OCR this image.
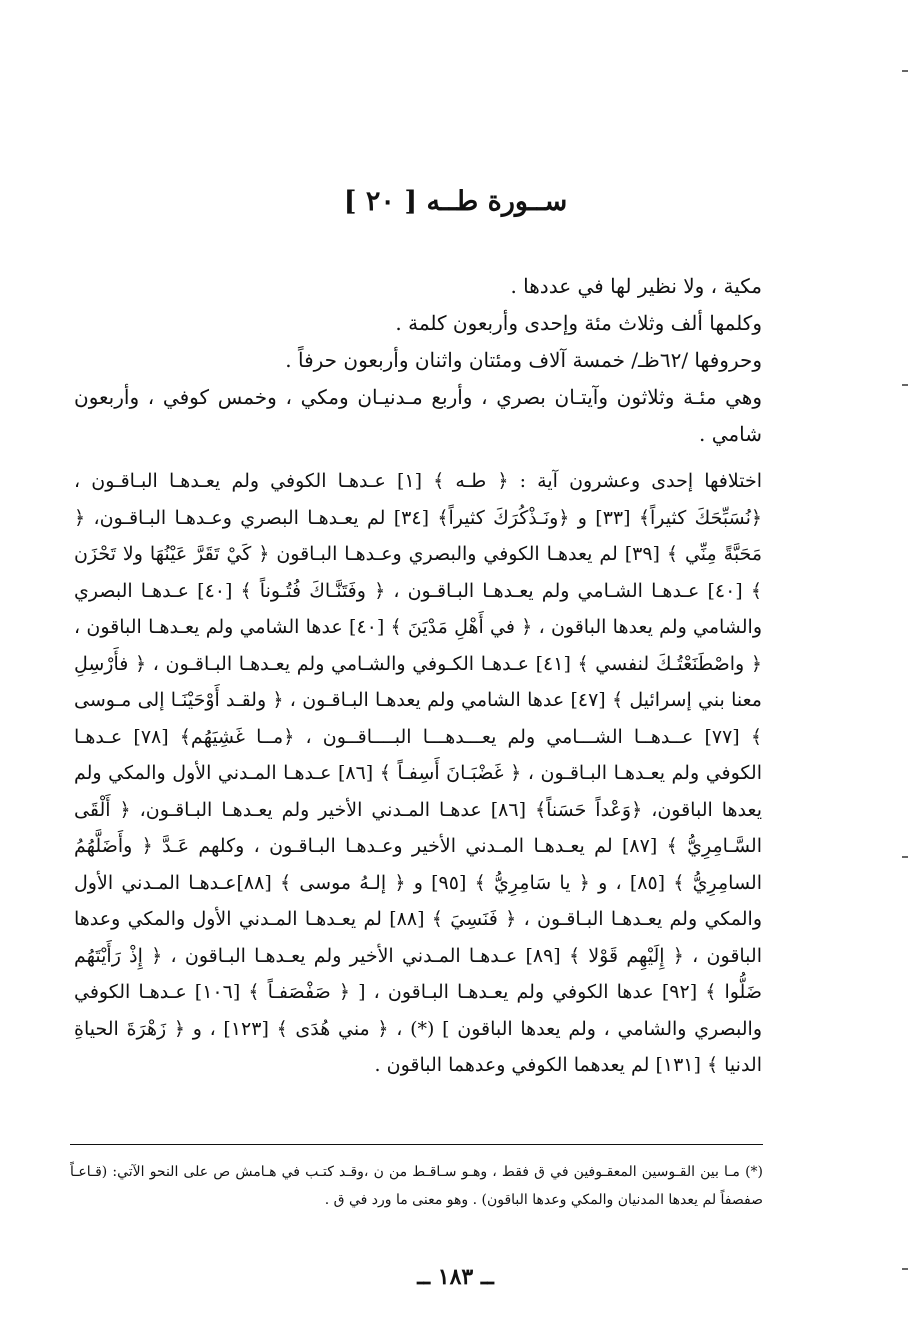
ســورة طــه [ ٢٠ ]
مكية ، ولا نظير لها في عددها .
وكلمها ألف وثلاث مئة وإحدى وأربعون كلمة .
وحروفها /٦٢ظـ/ خمسة آلاف ومئتان واثنان وأربعون حرفاً .
وهي مئـة وثلاثون وآيتـان بصري ، وأربع مـدنيـان ومكي ، وخمس كوفي ، وأربعون شامي .
اختلافها إحدى وعشرون آية : ﴿ طـه ﴾ [١] عـدهـا الكوفي ولم يعـدهـا البـاقـون ، ﴿نُسَبِّحَكَ كثيراً﴾ [٣٣] و ﴿ونَـذْكُرَكَ كثيراً﴾ [٣٤] لم يعـدهـا البصري وعـدهـا البـاقـون، ﴿ مَحَبَّةً مِنِّي ﴾ [٣٩] لم يعدهـا الكوفي والبصري وعـدهـا البـاقون ﴿ كَيْ تَقَرَّ عَيْنُهَا ولا تَحْزَن ﴾ [٤٠] عـدهـا الشـامي ولم يعـدهـا البـاقـون ، ﴿ وفَتَنَّـاكَ فُتُـوناً ﴾ [٤٠] عـدهـا البصري والشامي ولم يعدها الباقون ، ﴿ في أَهْلِ مَدْيَنَ ﴾ [٤٠] عدها الشامي ولم يعـدهـا الباقون ، ﴿ واصْطَنَعْتُـكَ لنفسي ﴾ [٤١] عـدهـا الكـوفي والشـامي ولم يعـدهـا البـاقـون ، ﴿ فأَرْسِلِ معنا بني إسرائيل ﴾ [٤٧] عدها الشامي ولم يعدهـا البـاقـون ، ﴿ ولقـد أَوْحَيْنَـا إلى مـوسى ﴾ [٧٧] عــدهــا الشـــامي ولم يعـــدهـــا البــــاقــون ، ﴿مــا غَشِيَهُم﴾ [٧٨] عـدهـا الكوفي ولم يعـدهـا البـاقـون ، ﴿ غَضْبَـانَ أَسِفـاً ﴾ [٨٦] عـدهـا المـدني الأول والمكي ولم يعدها الباقون، ﴿وَعْداً حَسَناً﴾ [٨٦] عدهـا المـدني الأخير ولم يعـدهـا البـاقـون، ﴿ أَلْقَى السَّـامِرِيُّ ﴾ [٨٧] لم يعـدهـا المـدني الأخير وعـدهـا البـاقـون ، وكلهم عَـدَّ ﴿ وأَضَلَّهُمُ السامِرِيُّ ﴾ [٨٥] ، و ﴿ يا سَامِرِيُّ ﴾ [٩٥] و ﴿ إلـهُ موسى ﴾ [٨٨]عـدهـا المـدني الأول والمكي ولم يعـدهـا البـاقـون ، ﴿ فَنَسِيَ ﴾ [٨٨] لم يعـدهـا المـدني الأول والمكي وعدها الباقون ، ﴿ إِلَيْهِم قَوْلا ﴾ [٨٩] عـدهـا المـدني الأخير ولم يعـدهـا البـاقون ، ﴿ إِذْ رَأَيْتَهُم ضَلُّوا ﴾ [٩٢] عدها الكوفي ولم يعـدهـا البـاقون ، [ ﴿ صَفْصَفـاً ﴾ [١٠٦] عـدهـا الكوفي والبصري والشامي ، ولم يعدها الباقون ] (*) ، ﴿ مني هُدَى ﴾ [١٢٣] ، و ﴿ زَهْرَةَ الحياةِ الدنيا ﴾ [١٣١] لم يعدهما الكوفي وعدهما الباقون .
(*) مـا بين القـوسين المعقـوفين في ق فقط ، وهـو سـاقـط من ن ،وقـد كتـب في هـامش ص على النحو الآتي: (قـاعـاً صفصفاً لم يعدها المدنيان والمكي وعدها الباقون) . وهو معنى ما ورد في ق .
ــ ١٨٣ ــ
